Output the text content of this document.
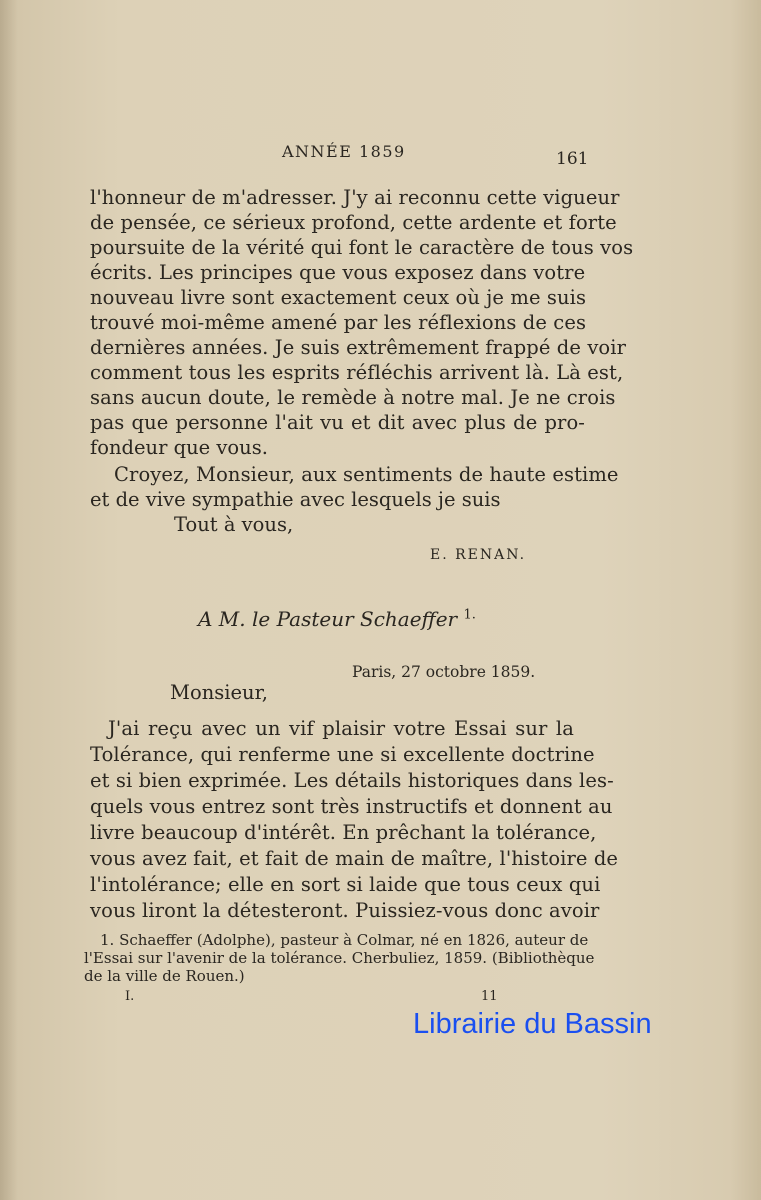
ANNÉE 1859	161
l'honneur de m'adresser. J'y ai reconnu cette vigueur
de pensée, ce sérieux profond, cette ardente et forte
poursuite de la vérité qui font le caractère de tous vos
écrits. Les principes que vous exposez dans votre
nouveau livre sont exactement ceux où je me suis
trouvé moi-même amené par les réflexions de ces
dernières années. Je suis extrêmement frappé de voir
comment tous les esprits réfléchis arrivent là. Là est,
sans aucun doute, le remède à notre mal. Je ne crois
pas que personne l'ait vu et dit avec plus de pro-
fondeur que vous.
Croyez, Monsieur, aux sentiments de haute estime
et de vive sympathie avec lesquels je suis
Tout à vous,
E. RENAN.
A M. le Pasteur Schaeffer $^{1.}$
Paris, 27 octobre 1859.
Monsieur,
J'ai reçu avec un vif plaisir votre Essai sur la
Tolérance, qui renferme une si excellente doctrine
et si bien exprimée. Les détails historiques dans les-
quels vous entrez sont très instructifs et donnent au
livre beaucoup d'intérêt. En prêchant la tolérance,
vous avez fait, et fait de main de maître, l'histoire de
l'intolérance; elle en sort si laide que tous ceux qui
vous liront la détesteront. Puissiez-vous donc avoir
1. Schaeffer (Adolphe), pasteur à Colmar, né en 1826, auteur de
l'Essai sur l'avenir de la tolérance. Cherbuliez, 1859. (Bibliothèque
de la ville de Rouen.)
I.	11
Librairie du Bassin
